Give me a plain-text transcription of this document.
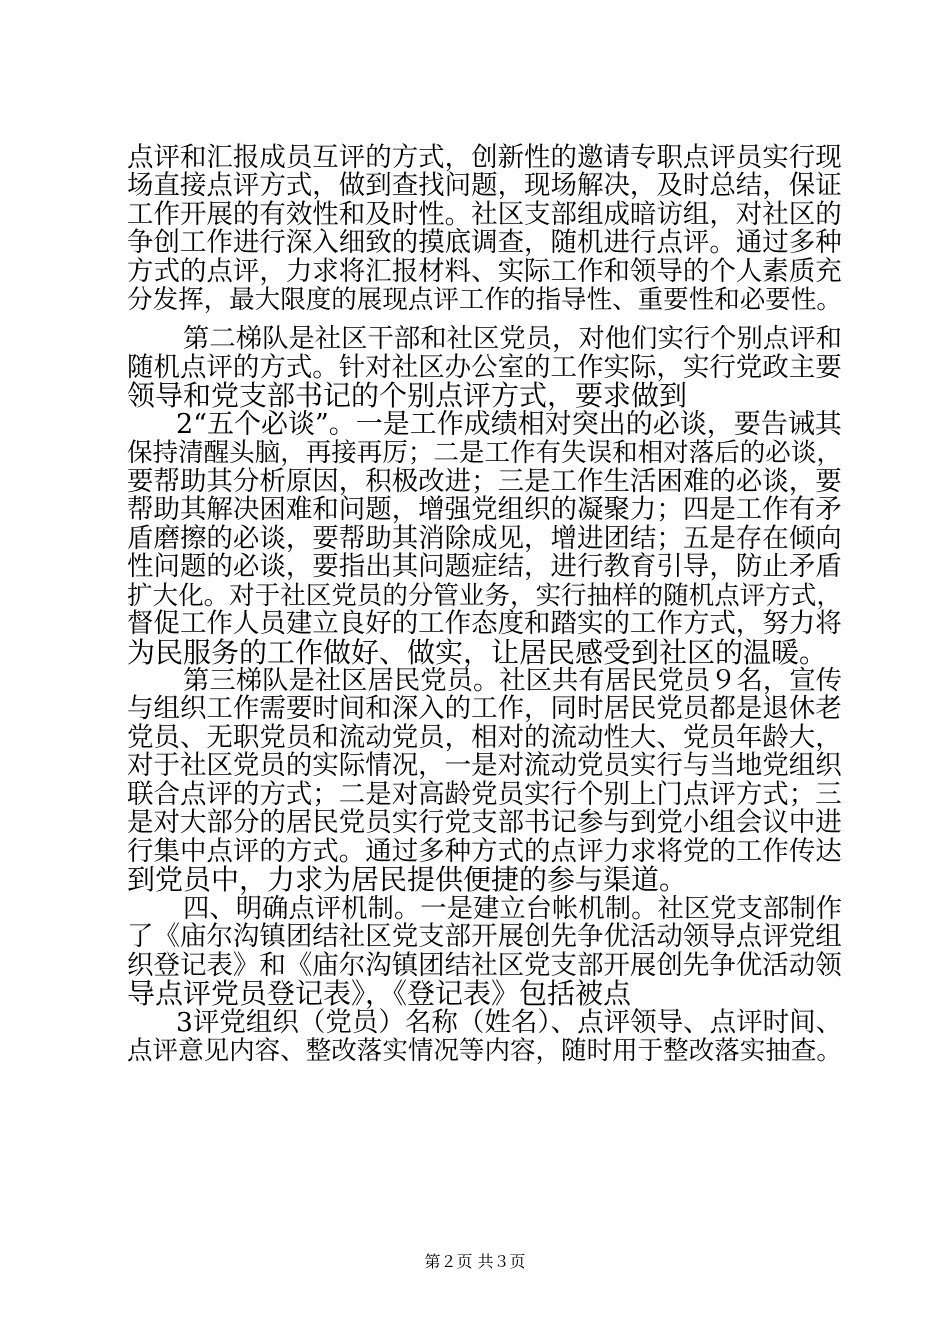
点评和汇报成员互评的方式，创新性的邀请专职点评员实行现
场直接点评方式，做到查找问题，现场解决，及时总结，保证
工作开展的有效性和及时性。社区支部组成暗访组，对社区的
争创工作进行深入细致的摸底调查，随机进行点评。通过多种
方式的点评，力求将汇报材料、实际工作和领导的个人素质充
分发挥，最大限度的展现点评工作的指导性、重要性和必要性。
第二梯队是社区干部和社区党员，对他们实行个别点评和
随机点评的方式。针对社区办公室的工作实际，实行党政主要
领导和党支部书记的个别点评方式，要求做到
2“五个必谈”。一是工作成绩相对突出的必谈，要告诫其
保持清醒头脑，再接再厉；二是工作有失误和相对落后的必谈，
要帮助其分析原因，积极改进；三是工作生活困难的必谈，要
帮助其解决困难和问题，增强党组织的凝聚力；四是工作有矛
盾磨擦的必谈，要帮助其消除成见，增进团结；五是存在倾向
性问题的必谈，要指出其问题症结，进行教育引导，防止矛盾
扩大化。对于社区党员的分管业务，实行抽样的随机点评方式，
督促工作人员建立良好的工作态度和踏实的工作方式，努力将
为民服务的工作做好、做实，让居民感受到社区的温暖。
第三梯队是社区居民党员。社区共有居民党员９名，宣传
与组织工作需要时间和深入的工作，同时居民党员都是退休老
党员、无职党员和流动党员，相对的流动性大、党员年龄大，
对于社区党员的实际情况，一是对流动党员实行与当地党组织
联合点评的方式；二是对高龄党员实行个别上门点评方式；三
是对大部分的居民党员实行党支部书记参与到党小组会议中进
行集中点评的方式。通过多种方式的点评力求将党的工作传达
到党员中，力求为居民提供便捷的参与渠道。
四、明确点评机制。一是建立台帐机制。社区党支部制作
了《庙尔沟镇团结社区党支部开展创先争优活动领导点评党组
织登记表》和《庙尔沟镇团结社区党支部开展创先争优活动领
导点评党员登记表》，《登记表》包括被点
3评党组织（党员）名称（姓名）、点评领导、点评时间、
点评意见内容、整改落实情况等内容，随时用于整改落实抽查。
第２页 共３页
